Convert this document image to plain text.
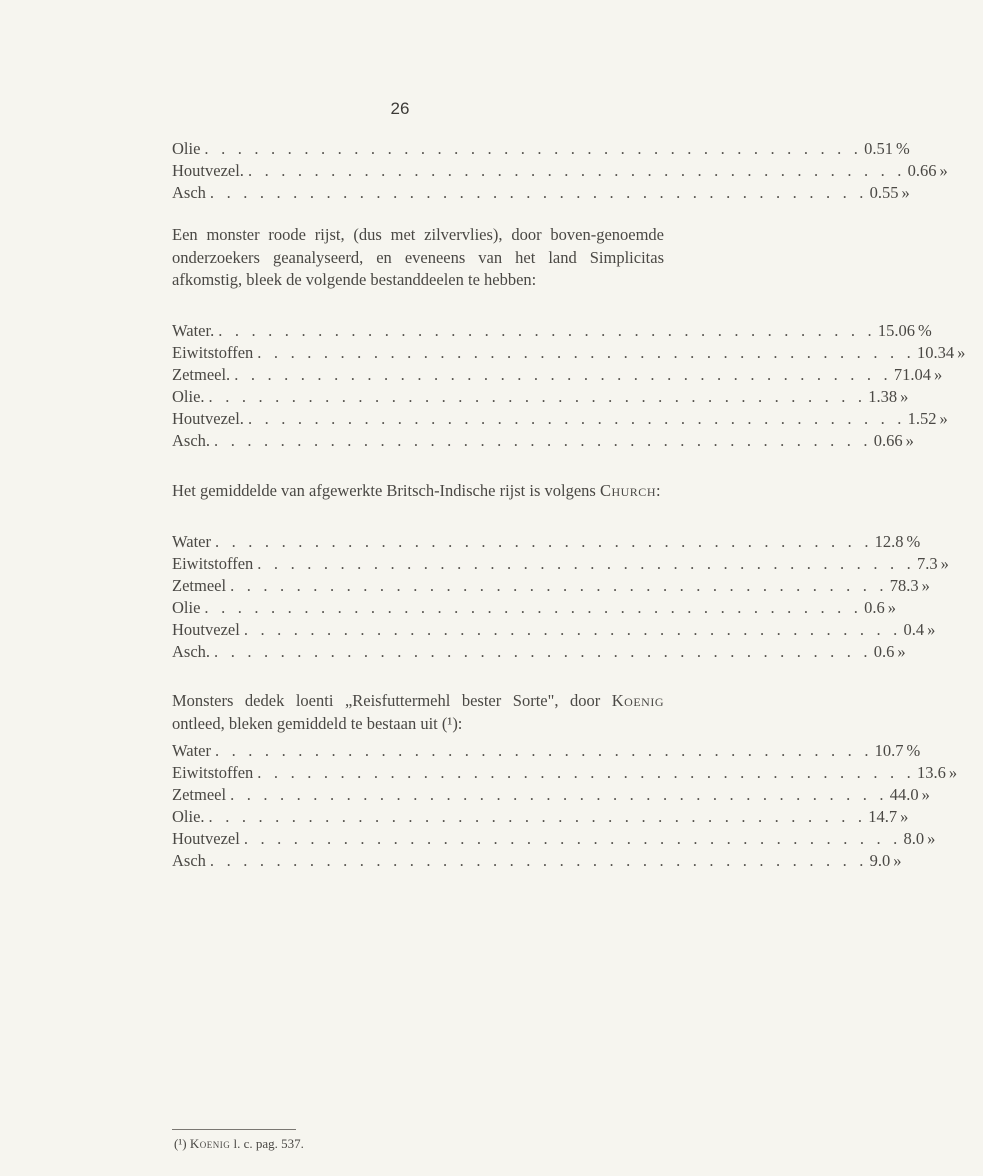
26
Olie . . . . . . . . . . . . . . . . . . . . . . . . . . . . . . . . . . . . . . . . 0.51 %
Houtvezel. . . . . . . . . . . . . . . . . . . . . . . . . . . . . . . . . . . . . . . . . 0.66 »
Asch . . . . . . . . . . . . . . . . . . . . . . . . . . . . . . . . . . . . . . . . 0.55 »
Een monster roode rijst, (dus met zilvervlies), door boven-genoemde onderzoekers geanalyseerd, en eveneens van het land Simplicitas afkomstig, bleek de volgende bestanddeelen te hebben:
Water. . . . . . . . . . . . . . . . . . . . . . . . . . . . . . . . . . . . . . . . . 15.06 %
Eiwitstoffen . . . . . . . . . . . . . . . . . . . . . . . . . . . . . . . . . . . . . . . . 10.34 »
Zetmeel. . . . . . . . . . . . . . . . . . . . . . . . . . . . . . . . . . . . . . . . . 71.04 »
Olie. . . . . . . . . . . . . . . . . . . . . . . . . . . . . . . . . . . . . . . . . 1.38 »
Houtvezel. . . . . . . . . . . . . . . . . . . . . . . . . . . . . . . . . . . . . . . . . 1.52 »
Asch. . . . . . . . . . . . . . . . . . . . . . . . . . . . . . . . . . . . . . . . . 0.66 »
Het gemiddelde van afgewerkte Britsch-Indische rijst is volgens Church:
Water . . . . . . . . . . . . . . . . . . . . . . . . . . . . . . . . . . . . . . . . 12.8 %
Eiwitstoffen . . . . . . . . . . . . . . . . . . . . . . . . . . . . . . . . . . . . . . . . 7.3 »
Zetmeel . . . . . . . . . . . . . . . . . . . . . . . . . . . . . . . . . . . . . . . . 78.3 »
Olie . . . . . . . . . . . . . . . . . . . . . . . . . . . . . . . . . . . . . . . . 0.6 »
Houtvezel . . . . . . . . . . . . . . . . . . . . . . . . . . . . . . . . . . . . . . . . 0.4 »
Asch. . . . . . . . . . . . . . . . . . . . . . . . . . . . . . . . . . . . . . . . . 0.6 »
Monsters dedek loenti „Reisfuttermehl bester Sorte", door Koenig ontleed, bleken gemiddeld te bestaan uit (¹):
Water . . . . . . . . . . . . . . . . . . . . . . . . . . . . . . . . . . . . . . . . 10.7 %
Eiwitstoffen . . . . . . . . . . . . . . . . . . . . . . . . . . . . . . . . . . . . . . . . 13.6 »
Zetmeel . . . . . . . . . . . . . . . . . . . . . . . . . . . . . . . . . . . . . . . . 44.0 »
Olie. . . . . . . . . . . . . . . . . . . . . . . . . . . . . . . . . . . . . . . . . 14.7 »
Houtvezel . . . . . . . . . . . . . . . . . . . . . . . . . . . . . . . . . . . . . . . . 8.0 »
Asch . . . . . . . . . . . . . . . . . . . . . . . . . . . . . . . . . . . . . . . . 9.0 »
(¹) Koenig l. c. pag. 537.
